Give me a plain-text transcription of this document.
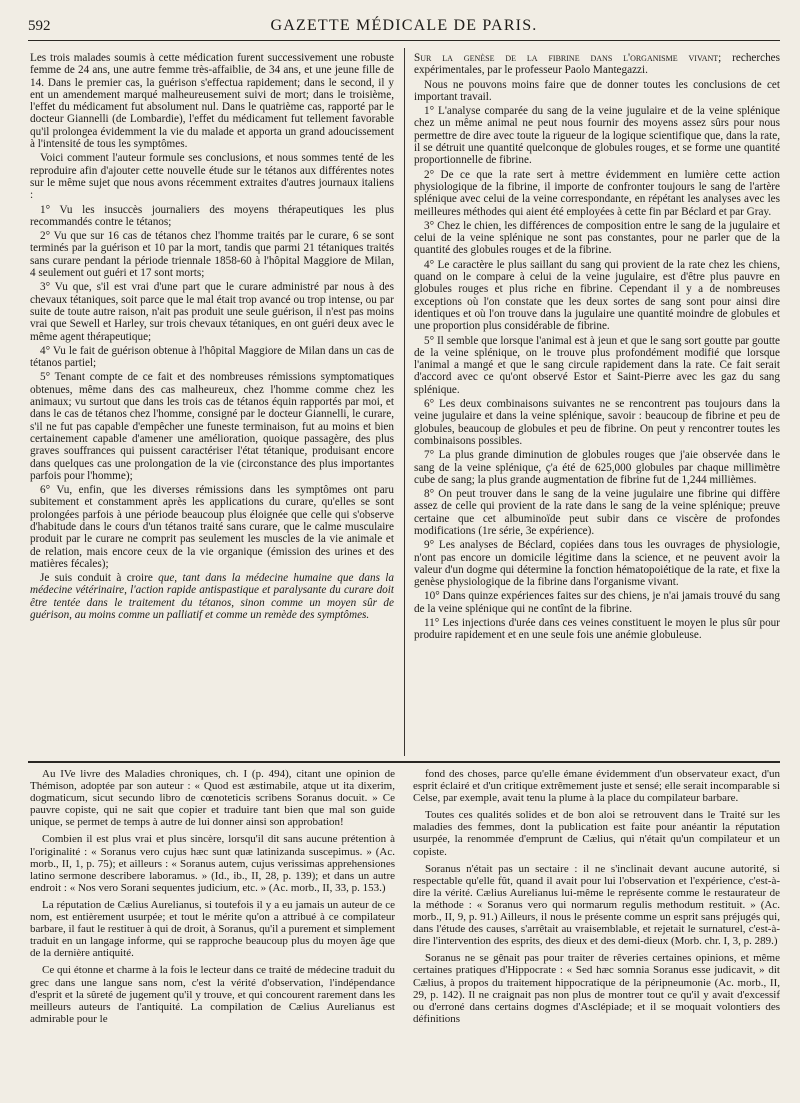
592	GAZETTE MÉDICALE DE PARIS.

Les trois malades soumis à cette médication furent successivement une robuste femme de 24 ans, une autre femme très-affaiblie, de 34 ans, et une jeune fille de 14. Dans le premier cas, la guérison s'effectua rapidement; dans le second, il y ent un amendement marqué malheureusement suivi de mort; dans le troisième, l'effet du médicament fut absolument nul. Dans le quatrième cas, rapporté par le docteur Giannelli (de Lombardie), l'effet du médicament fut tellement favorable qu'il prolongea évidemment la vie du malade et apporta un grand adoucissement à l'intensité de tous les symptômes.

Voici comment l'auteur formule ses conclusions, et nous sommes tenté de les reproduire afin d'ajouter cette nouvelle étude sur le tétanos aux différentes notes sur le même sujet que nous avons récemment extraites d'autres journaux italiens :

1° Vu les insuccès journaliers des moyens thérapeutiques les plus recommandés contre le tétanos;

2° Vu que sur 16 cas de tétanos chez l'homme traités par le curare, 6 se sont terminés par la guérison et 10 par la mort, tandis que parmi 21 tétaniques traités sans curare pendant la période triennale 1858-60 à l'hôpital Maggiore de Milan, 4 seulement out guéri et 17 sont morts;

3° Vu que, s'il est vrai d'une part que le curare administré par nous à des chevaux tétaniques, soit parce que le mal était trop avancé ou trop intense, ou par suite de toute autre raison, n'ait pas produit une seule guérison, il n'est pas moins vrai que Sewell et Harley, sur trois chevaux tétaniques, en ont guéri deux avec le même agent thérapeutique;

4° Vu le fait de guérison obtenue à l'hôpital Maggiore de Milan dans un cas de tétanos partiel;

5° Tenant compte de ce fait et des nombreuses rémissions symptomatiques obtenues, même dans des cas malheureux, chez l'homme comme chez les animaux; vu surtout que dans les trois cas de tétanos équin rapportés par moi, et dans le cas de tétanos chez l'homme, consigné par le docteur Giannelli, le curare, s'il ne fut pas capable d'empêcher une funeste terminaison, fut au moins et bien certainement capable d'amener une amélioration, quoique passagère, des plus graves souffrances qui puissent caractériser l'état tétanique, produisant encore dans quelques cas une prolongation de la vie (circonstance des plus importantes parfois pour l'homme);

6° Vu, enfin, que les diverses rémissions dans les symptômes ont paru subitement et constamment après les applications du curare, qu'elles se sont prolongées parfois à une période beaucoup plus éloignée que celle qui s'observe d'habitude dans le cours d'un tétanos traité sans curare, que le calme musculaire produit par le curare ne comprit pas seulement les muscles de la vie animale et de relation, mais encore ceux de la vie organique (émission des urines et des matières fécales);

Je suis conduit à croire que, tant dans la médecine humaine que dans la médecine vétérinaire, l'action rapide antispastique et paralysante du curare doit être tentée dans le traitement du tétanos, sinon comme un moyen sûr de guérison, au moins comme un palliatif et comme un remède des symptômes.

Sur la genèse de la fibrine dans l'organisme vivant; recherches expérimentales, par le professeur Paolo Mantegazzi.

Nous ne pouvons moins faire que de donner toutes les conclusions de cet important travail.

1° L'analyse comparée du sang de la veine jugulaire et de la veine splénique chez un même animal ne peut nous fournir des moyens assez sûrs pour nous permettre de dire avec toute la rigueur de la logique scientifique que, dans la rate, il se détruit une quantité quelconque de globules rouges, et se forme une quantité proportionnelle de fibrine.

2° De ce que la rate sert à mettre évidemment en lumière cette action physiologique de la fibrine, il importe de confronter toujours le sang de l'artère splénique avec celui de la veine correspondante, en répétant les analyses avec les meilleures méthodes qui aient été employées à cette fin par Béclard et par Gray.

3° Chez le chien, les différences de composition entre le sang de la jugulaire et celui de la veine splénique ne sont pas constantes, pour ne parler que de la quantité des globules rouges et de la fibrine.

4° Le caractère le plus saillant du sang qui provient de la rate chez les chiens, quand on le compare à celui de la veine jugulaire, est d'être plus pauvre en globules rouges et plus riche en fibrine. Cependant il y a de nombreuses exceptions où l'on constate que les deux sortes de sang sont pour ainsi dire identiques et où l'on trouve dans la jugulaire une quantité moindre de globules et une proportion plus considérable de fibrine.

5° Il semble que lorsque l'animal est à jeun et que le sang sort goutte par goutte de la veine splénique, on le trouve plus profondément modifié que lorsque l'animal a mangé et que le sang circule rapidement dans la rate. Ce fait serait d'accord avec ce qu'ont observé Estor et Saint-Pierre avec les gaz du sang splénique.

6° Les deux combinaisons suivantes ne se rencontrent pas toujours dans la veine jugulaire et dans la veine splénique, savoir : beaucoup de fibrine et peu de globules, beaucoup de globules et peu de fibrine. On peut y rencontrer toutes les combinaisons possibles.

7° La plus grande diminution de globules rouges que j'aie observée dans le sang de la veine splénique, ç'a été de 625,000 globules par chaque millimètre cube de sang; la plus grande augmentation de fibrine fut de 1,244 millièmes.

8° On peut trouver dans le sang de la veine jugulaire une fibrine qui diffère assez de celle qui provient de la rate dans le sang de la veine splénique; preuve certaine que cet albuminoïde peut subir dans ce viscère de profondes modifications (1re série, 3e expérience).

9° Les analyses de Béclard, copiées dans tous les ouvrages de physiologie, n'ont pas encore un domicile légitime dans la science, et ne peuvent avoir la valeur d'un dogme qui détermine la fonction hématopoiétique de la rate, et fixe la genèse physiologique de la fibrine dans l'organisme vivant.

10° Dans quinze expériences faites sur des chiens, je n'ai jamais trouvé du sang de la veine splénique qui ne contînt de la fibrine.

11° Les injections d'urée dans ces veines constituent le moyen le plus sûr pour produire rapidement et en une seule fois une anémie globuleuse.

Au IVe livre des Maladies chroniques, ch. I (p. 494), citant une opinion de Thémison, adoptée par son auteur : « Quod est æstimabile, atque ut ita dixerim, dogmaticum, sicut secundo libro de cœnoteticis scribens Soranus docuit. » Ce pauvre copiste, qui ne sait que copier et traduire tant bien que mal son guide unique, se permet de temps à autre de lui donner ainsi son approbation!

Combien il est plus vrai et plus sincère, lorsqu'il dit sans aucune prétention à l'originalité : « Soranus vero cujus hæc sunt quæ latinizanda suscepimus. » (Ac. morb., II, 1, p. 75); et ailleurs : « Soranus autem, cujus verissimas apprehensiones latino sermone describere laboramus. » (Id., ib., II, 28, p. 139); et dans un autre endroit : « Nos vero Sorani sequentes judicium, etc. » (Ac. morb., II, 33, p. 153.)

La réputation de Cælius Aurelianus, si toutefois il y a eu jamais un auteur de ce nom, est entièrement usurpée; et tout le mérite qu'on a attribué à ce compilateur barbare, il faut le restituer à qui de droit, à Soranus, qu'il a purement et simplement traduit en un langage informe, qui se rapproche beaucoup plus du moyen âge que de la dernière antiquité.

Ce qui étonne et charme à la fois le lecteur dans ce traité de médecine traduit du grec dans une langue sans nom, c'est la vérité d'observation, l'indépendance d'esprit et la sûreté de jugement qu'il y trouve, et qui concourent rarement dans les meilleurs auteurs de l'antiquité. La compilation de Cælius Aurelianus est admirable pour le

fond des choses, parce qu'elle émane évidemment d'un observateur exact, d'un esprit éclairé et d'un critique extrêmement juste et sensé; elle serait incomparable si Celse, par exemple, avait tenu la plume à la place du compilateur barbare.

Toutes ces qualités solides et de bon aloi se retrouvent dans le Traité sur les maladies des femmes, dont la publication est faite pour anéantir la réputation usurpée, la renommée d'emprunt de Cælius, qui n'était qu'un compilateur et un copiste.

Soranus n'était pas un sectaire : il ne s'inclinait devant aucune autorité, si respectable qu'elle fût, quand il avait pour lui l'observation et l'expérience, c'est-à-dire la vérité. Cælius Aurelianus lui-même le représente comme le restaurateur de la méthode : « Soranus vero qui normarum regulis methodum restituit. » (Ac. morb., II, 9, p. 91.) Ailleurs, il nous le présente comme un esprit sans préjugés qui, dans l'étude des causes, s'arrêtait au vraisemblable, et rejetait le surnaturel, c'est-à-dire l'intervention des esprits, des dieux et des demi-dieux (Morb. chr. I, 3, p. 289.)

Soranus ne se gênait pas pour traiter de rêveries certaines opinions, et même certaines pratiques d'Hippocrate : « Sed hæc somnia Soranus esse judicavit, » dit Cælius, à propos du traitement hippocratique de la péripneumonie (Ac. morb., II, 29, p. 142). Il ne craignait pas non plus de montrer tout ce qu'il y avait d'excessif ou d'erroné dans certains dogmes d'Asclépiade; et il se moquait volontiers des définitions
